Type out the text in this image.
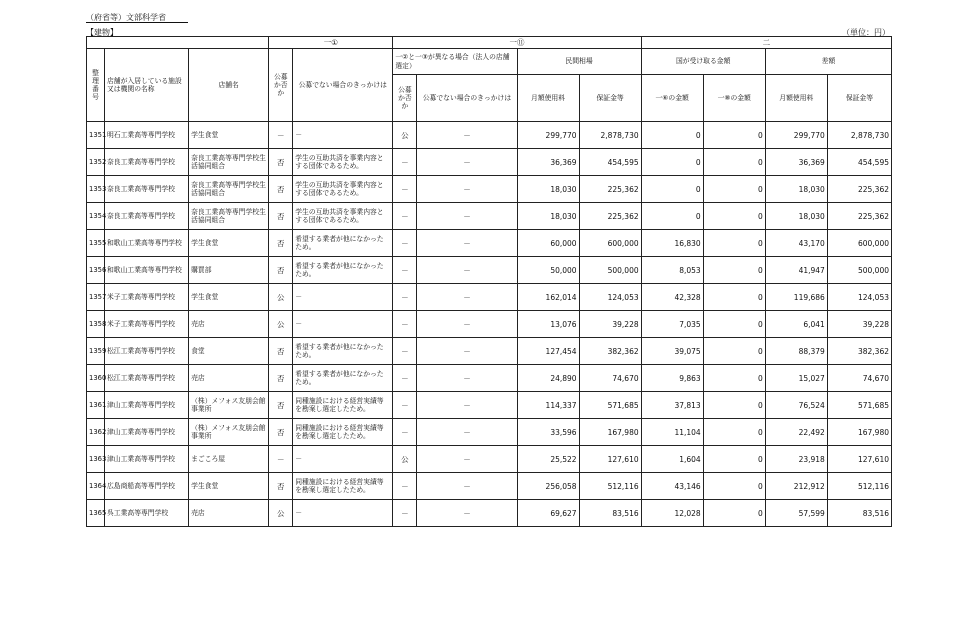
（府省等）文部科学省
【建物】	（単位：円）
			一①		一⑪				二			
整理番号	店舗が入居している施設又は機関の名称	店舗名	公募か否か	公募でない場合のきっかけは	一②と一③が異なる場合（法人の店舗選定）		民間相場		国が受け取る金額		差額	
					公募か否か	公募でない場合のきっかけは	月額使用料	保証金等	一⑥の金額	一⑧の金額	月額使用料	保証金等
1351	明石工業高等専門学校	学生食堂	－	－	公	－	299,770	2,878,730	0	0	299,770	2,878,730
1352	奈良工業高等専門学校	奈良工業高等専門学校生活協同組合	否	学生の互助共済を事業内容とする団体であるため。	－	－	36,369	454,595	0	0	36,369	454,595
1353	奈良工業高等専門学校	奈良工業高等専門学校生活協同組合	否	学生の互助共済を事業内容とする団体であるため。	－	－	18,030	225,362	0	0	18,030	225,362
1354	奈良工業高等専門学校	奈良工業高等専門学校生活協同組合	否	学生の互助共済を事業内容とする団体であるため。	－	－	18,030	225,362	0	0	18,030	225,362
1355	和歌山工業高等専門学校	学生食堂	否	希望する業者が他になかったため。	－	－	60,000	600,000	16,830	0	43,170	600,000
1356	和歌山工業高等専門学校	購買部	否	希望する業者が他になかったため。	－	－	50,000	500,000	8,053	0	41,947	500,000
1357	米子工業高等専門学校	学生食堂	公	－	－	－	162,014	124,053	42,328	0	119,686	124,053
1358	米子工業高等専門学校	売店	公	－	－	－	13,076	39,228	7,035	0	6,041	39,228
1359	松江工業高等専門学校	食堂	否	希望する業者が他になかったため。	－	－	127,454	382,362	39,075	0	88,379	382,362
1360	松江工業高等専門学校	売店	否	希望する業者が他になかったため。	－	－	24,890	74,670	9,863	0	15,027	74,670
1361	津山工業高等専門学校	（株）メフォス友朋会館事業所	否	同種施設における経営実績等を勘案し選定したため。	－	－	114,337	571,685	37,813	0	76,524	571,685
1362	津山工業高等専門学校	（株）メフォス友朋会館事業所	否	同種施設における経営実績等を勘案し選定したため。	－	－	33,596	167,980	11,104	0	22,492	167,980
1363	津山工業高等専門学校	まごころ屋	－	－	公	－	25,522	127,610	1,604	0	23,918	127,610
1364	広島商船高等専門学校	学生食堂	否	同種施設における経営実績等を勘案し選定したため。	－	－	256,058	512,116	43,146	0	212,912	512,116
1365	呉工業高等専門学校	売店	公	－	－	－	69,627	83,516	12,028	0	57,599	83,516
